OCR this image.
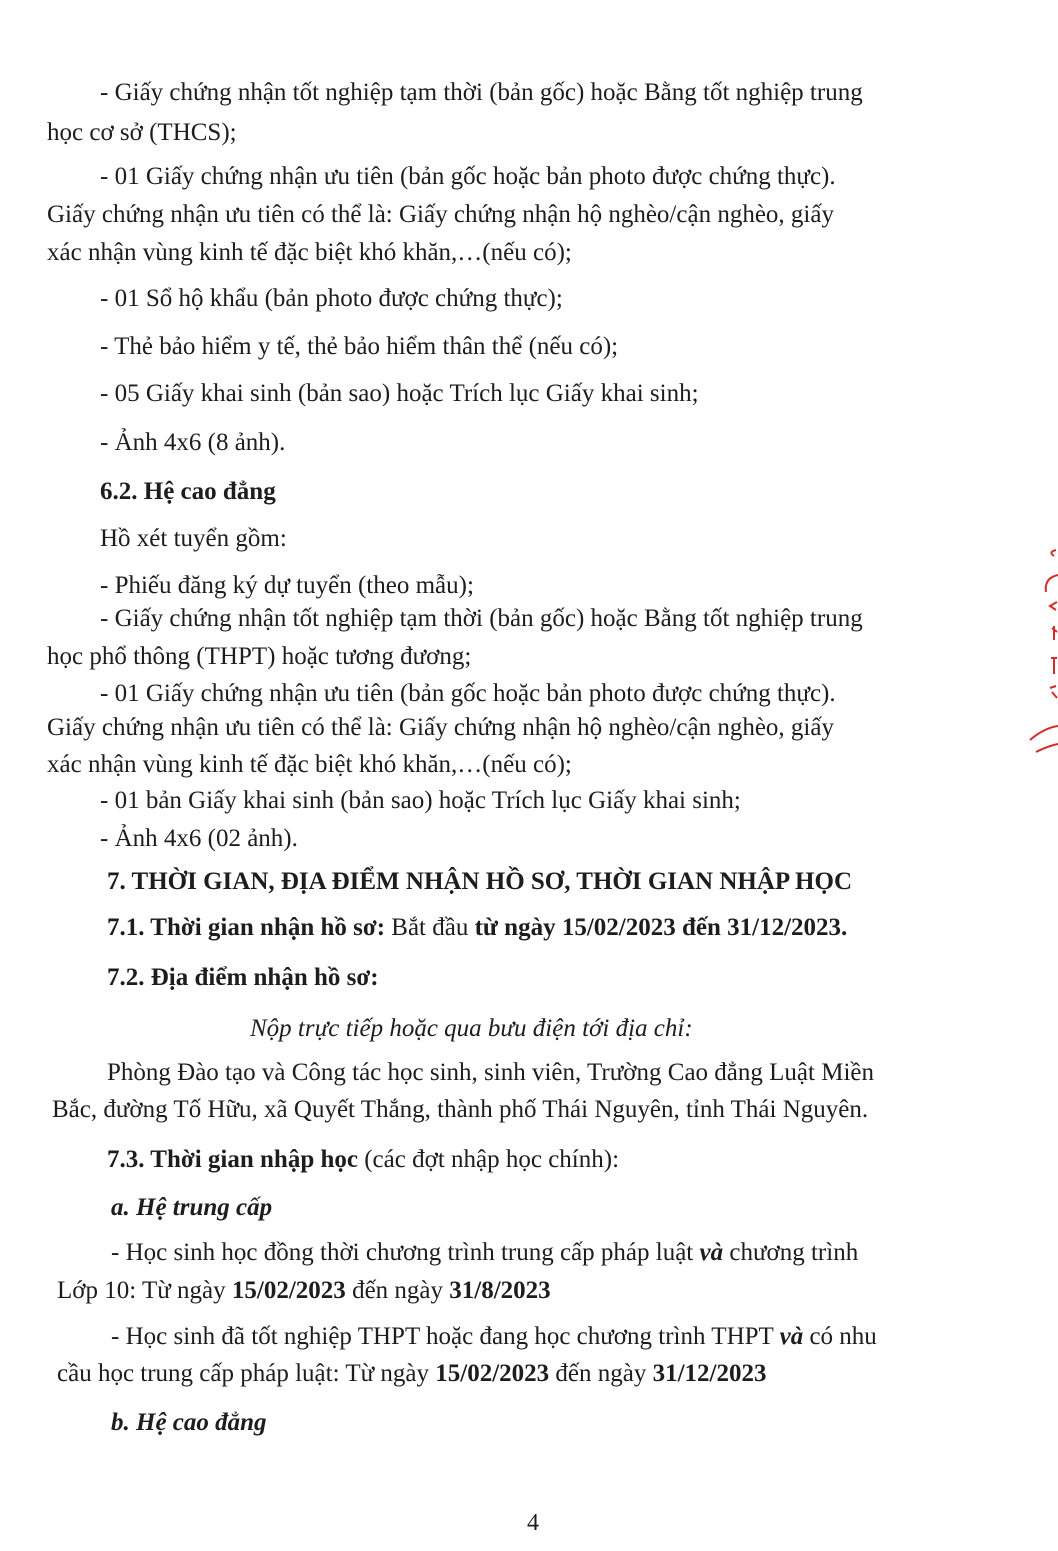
- Giấy chứng nhận tốt nghiệp tạm thời (bản gốc) hoặc Bằng tốt nghiệp trung
học cơ sở (THCS);
- 01 Giấy chứng nhận ưu tiên (bản gốc hoặc bản photo được chứng thực).
Giấy chứng nhận ưu tiên có thể là: Giấy chứng nhận hộ nghèo/cận nghèo, giấy
xác nhận vùng kinh tế đặc biệt khó khăn,…(nếu có);
- 01 Sổ hộ khẩu (bản photo được chứng thực);
- Thẻ bảo hiểm y tế, thẻ bảo hiểm thân thể (nếu có);
- 05 Giấy khai sinh (bản sao) hoặc Trích lục Giấy khai sinh;
- Ảnh 4x6 (8 ảnh).
6.2. Hệ cao đẳng
Hồ xét tuyển gồm:
- Phiếu đăng ký dự tuyển (theo mẫu);
- Giấy chứng nhận tốt nghiệp tạm thời (bản gốc) hoặc Bằng tốt nghiệp trung
học phổ thông (THPT) hoặc tương đương;
- 01 Giấy chứng nhận ưu tiên (bản gốc hoặc bản photo được chứng thực).
Giấy chứng nhận ưu tiên có thể là: Giấy chứng nhận hộ nghèo/cận nghèo, giấy
xác nhận vùng kinh tế đặc biệt khó khăn,…(nếu có);
- 01 bản Giấy khai sinh (bản sao) hoặc Trích lục Giấy khai sinh;
- Ảnh 4x6 (02 ảnh).
7. THỜI GIAN, ĐỊA ĐIỂM NHẬN HỒ SƠ, THỜI GIAN NHẬP HỌC
7.1. Thời gian nhận hồ sơ: Bắt đầu từ ngày 15/02/2023 đến 31/12/2023.
7.2. Địa điểm nhận hồ sơ:
Nộp trực tiếp hoặc qua bưu điện tới địa chỉ:
Phòng Đào tạo và Công tác học sinh, sinh viên, Trường Cao đẳng Luật Miền
Bắc, đường Tố Hữu, xã Quyết Thắng, thành phố Thái Nguyên, tỉnh Thái Nguyên.
7.3. Thời gian nhập học (các đợt nhập học chính):
a. Hệ trung cấp
- Học sinh học đồng thời chương trình trung cấp pháp luật và chương trình
Lớp 10: Từ ngày 15/02/2023 đến ngày 31/8/2023
- Học sinh đã tốt nghiệp THPT hoặc đang học chương trình THPT và có nhu
cầu học trung cấp pháp luật: Từ ngày 15/02/2023 đến ngày 31/12/2023
b. Hệ cao đẳng
4
